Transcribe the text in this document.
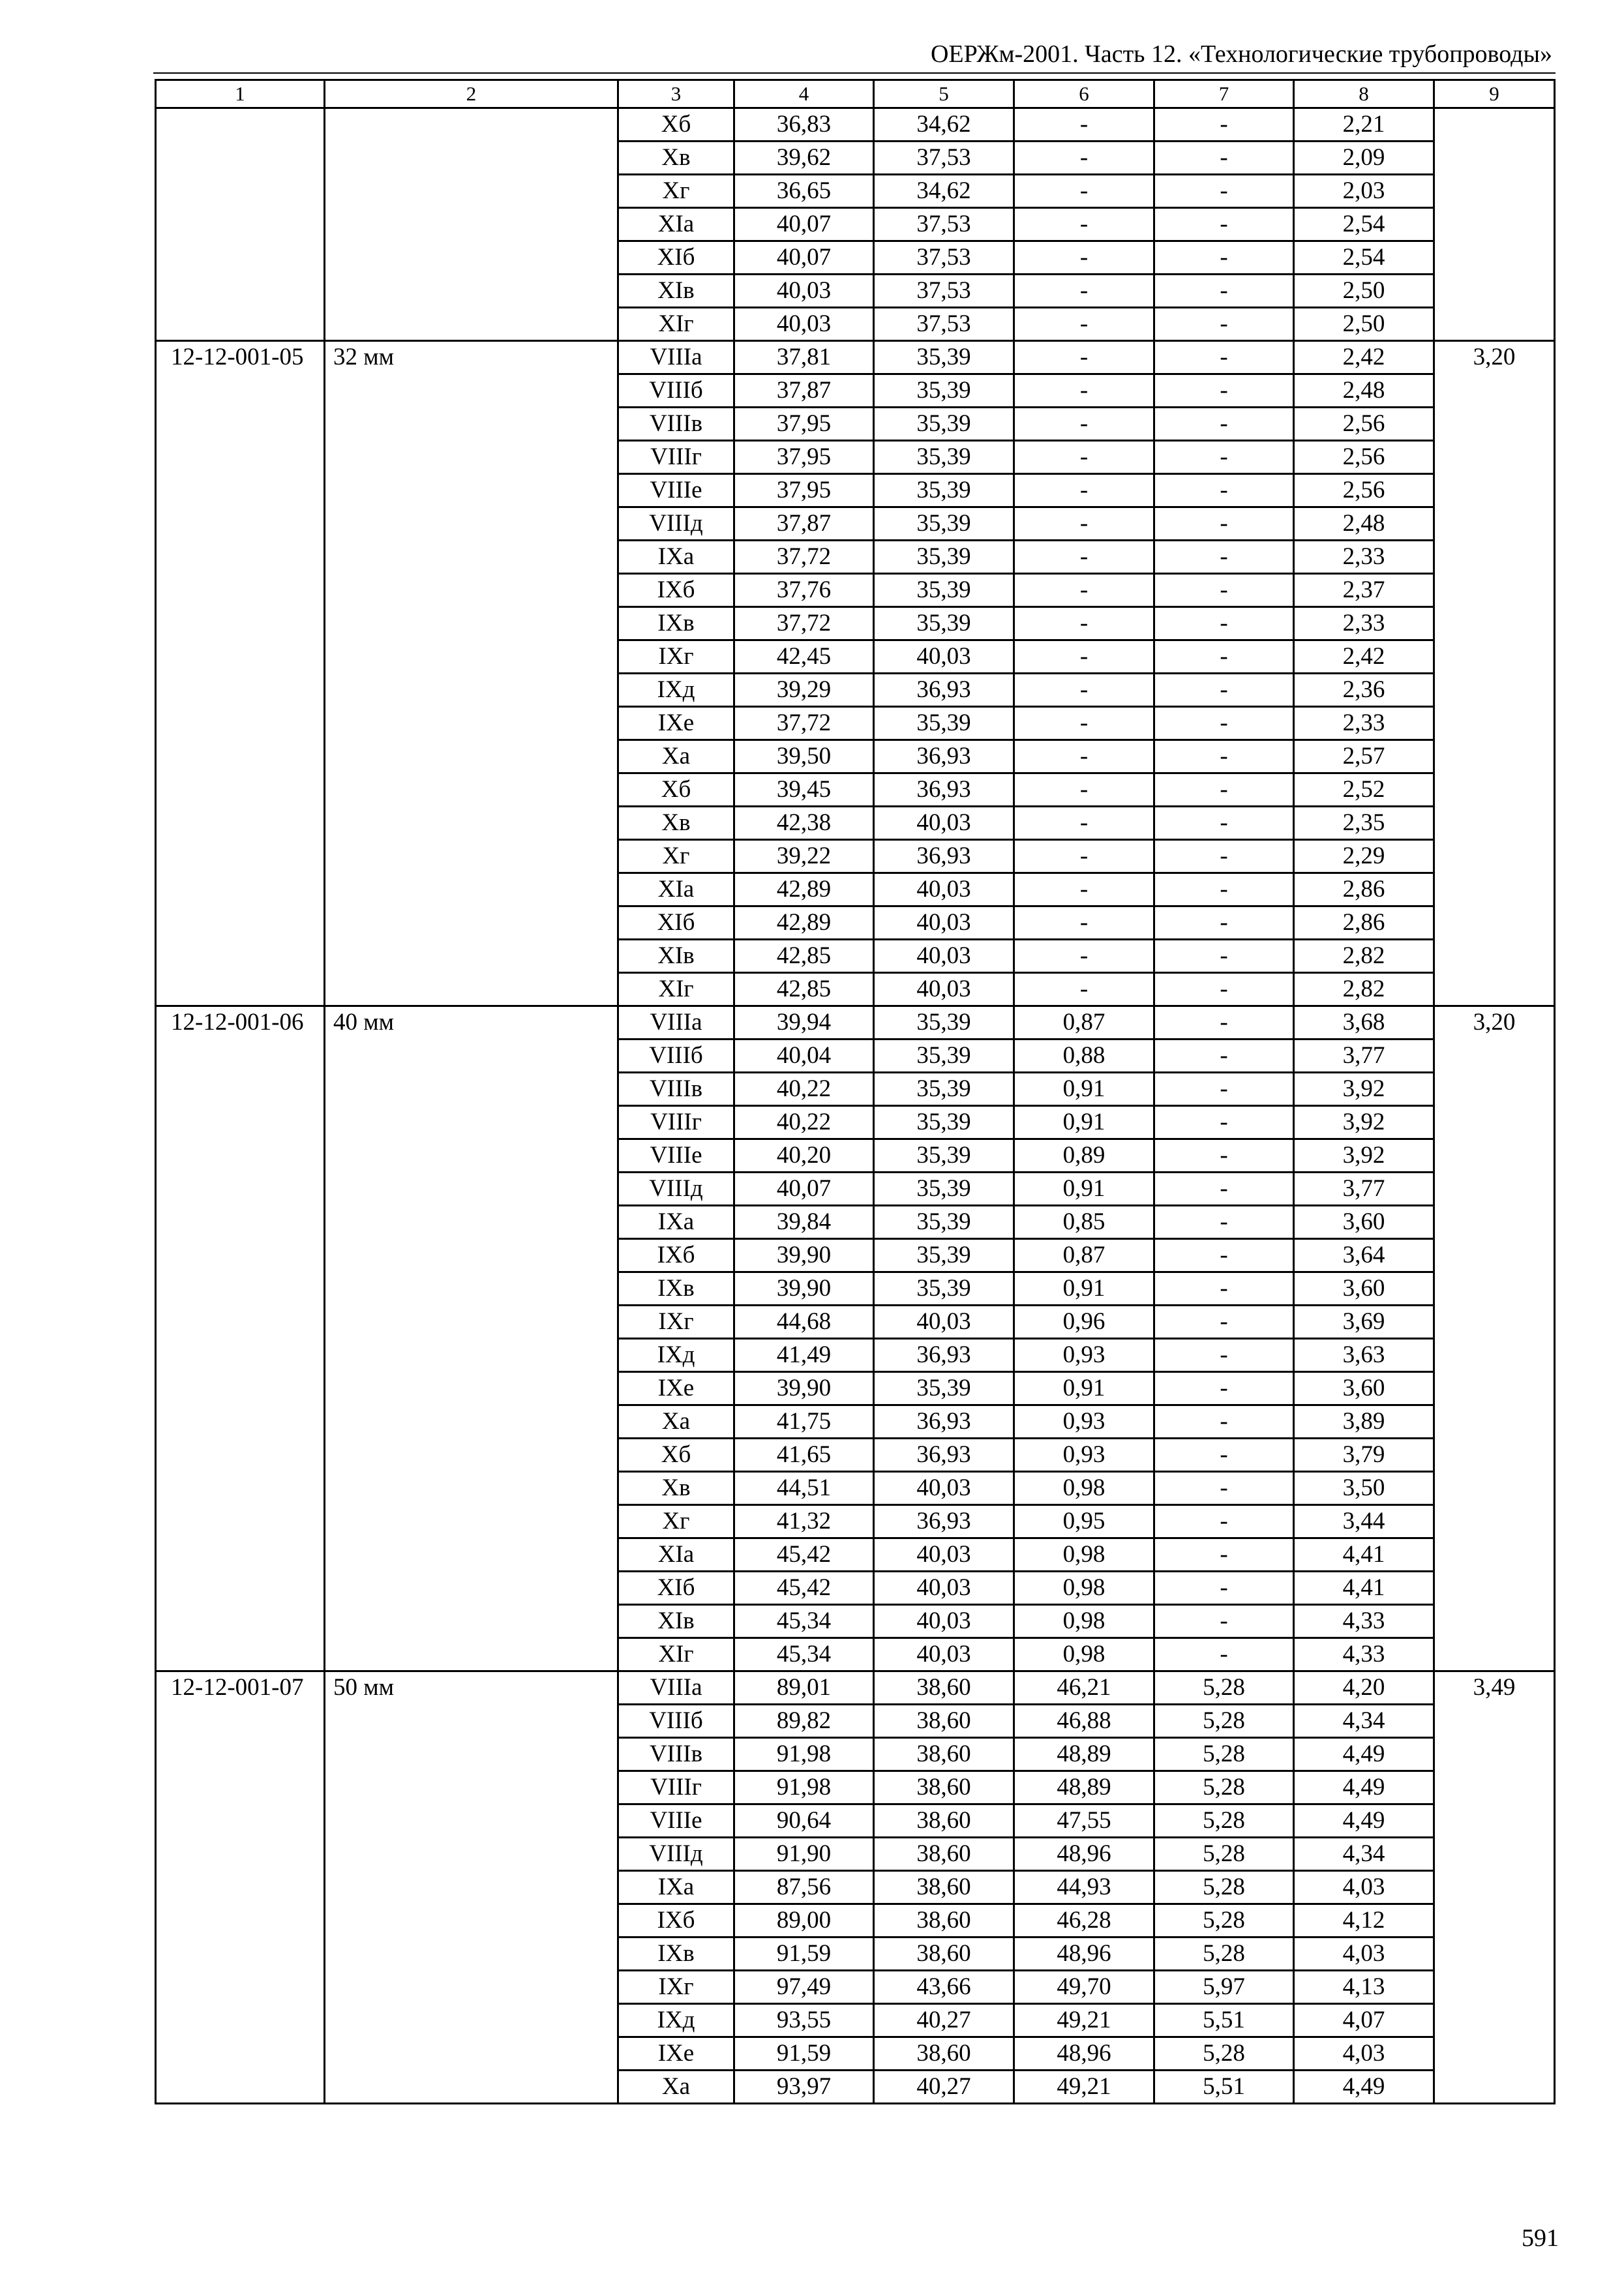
ОЕРЖм-2001. Часть 12. «Технологические трубопроводы»
1	2	3	4	5	6	7	8	9
		Xб	36,83	34,62	-	-	2,21	
		Xв	39,62	37,53	-	-	2,09	
		Xг	36,65	34,62	-	-	2,03	
		XIа	40,07	37,53	-	-	2,54	
		XIб	40,07	37,53	-	-	2,54	
		XIв	40,03	37,53	-	-	2,50	
		XIг	40,03	37,53	-	-	2,50	
12-12-001-05	32 мм	VIIIа	37,81	35,39	-	-	2,42	3,20
		VIIIб	37,87	35,39	-	-	2,48	
		VIIIв	37,95	35,39	-	-	2,56	
		VIIIг	37,95	35,39	-	-	2,56	
		VIIIе	37,95	35,39	-	-	2,56	
		VIIIд	37,87	35,39	-	-	2,48	
		IXа	37,72	35,39	-	-	2,33	
		IXб	37,76	35,39	-	-	2,37	
		IXв	37,72	35,39	-	-	2,33	
		IXг	42,45	40,03	-	-	2,42	
		IXд	39,29	36,93	-	-	2,36	
		IXе	37,72	35,39	-	-	2,33	
		Xа	39,50	36,93	-	-	2,57	
		Xб	39,45	36,93	-	-	2,52	
		Xв	42,38	40,03	-	-	2,35	
		Xг	39,22	36,93	-	-	2,29	
		XIа	42,89	40,03	-	-	2,86	
		XIб	42,89	40,03	-	-	2,86	
		XIв	42,85	40,03	-	-	2,82	
		XIг	42,85	40,03	-	-	2,82	
12-12-001-06	40 мм	VIIIа	39,94	35,39	0,87	-	3,68	3,20
		VIIIб	40,04	35,39	0,88	-	3,77	
		VIIIв	40,22	35,39	0,91	-	3,92	
		VIIIг	40,22	35,39	0,91	-	3,92	
		VIIIе	40,20	35,39	0,89	-	3,92	
		VIIIд	40,07	35,39	0,91	-	3,77	
		IXа	39,84	35,39	0,85	-	3,60	
		IXб	39,90	35,39	0,87	-	3,64	
		IXв	39,90	35,39	0,91	-	3,60	
		IXг	44,68	40,03	0,96	-	3,69	
		IXд	41,49	36,93	0,93	-	3,63	
		IXе	39,90	35,39	0,91	-	3,60	
		Xа	41,75	36,93	0,93	-	3,89	
		Xб	41,65	36,93	0,93	-	3,79	
		Xв	44,51	40,03	0,98	-	3,50	
		Xг	41,32	36,93	0,95	-	3,44	
		XIа	45,42	40,03	0,98	-	4,41	
		XIб	45,42	40,03	0,98	-	4,41	
		XIв	45,34	40,03	0,98	-	4,33	
		XIг	45,34	40,03	0,98	-	4,33	
12-12-001-07	50 мм	VIIIа	89,01	38,60	46,21	5,28	4,20	3,49
		VIIIб	89,82	38,60	46,88	5,28	4,34	
		VIIIв	91,98	38,60	48,89	5,28	4,49	
		VIIIг	91,98	38,60	48,89	5,28	4,49	
		VIIIе	90,64	38,60	47,55	5,28	4,49	
		VIIIд	91,90	38,60	48,96	5,28	4,34	
		IXа	87,56	38,60	44,93	5,28	4,03	
		IXб	89,00	38,60	46,28	5,28	4,12	
		IXв	91,59	38,60	48,96	5,28	4,03	
		IXг	97,49	43,66	49,70	5,97	4,13	
		IXд	93,55	40,27	49,21	5,51	4,07	
		IXе	91,59	38,60	48,96	5,28	4,03	
		Xа	93,97	40,27	49,21	5,51	4,49	
591
